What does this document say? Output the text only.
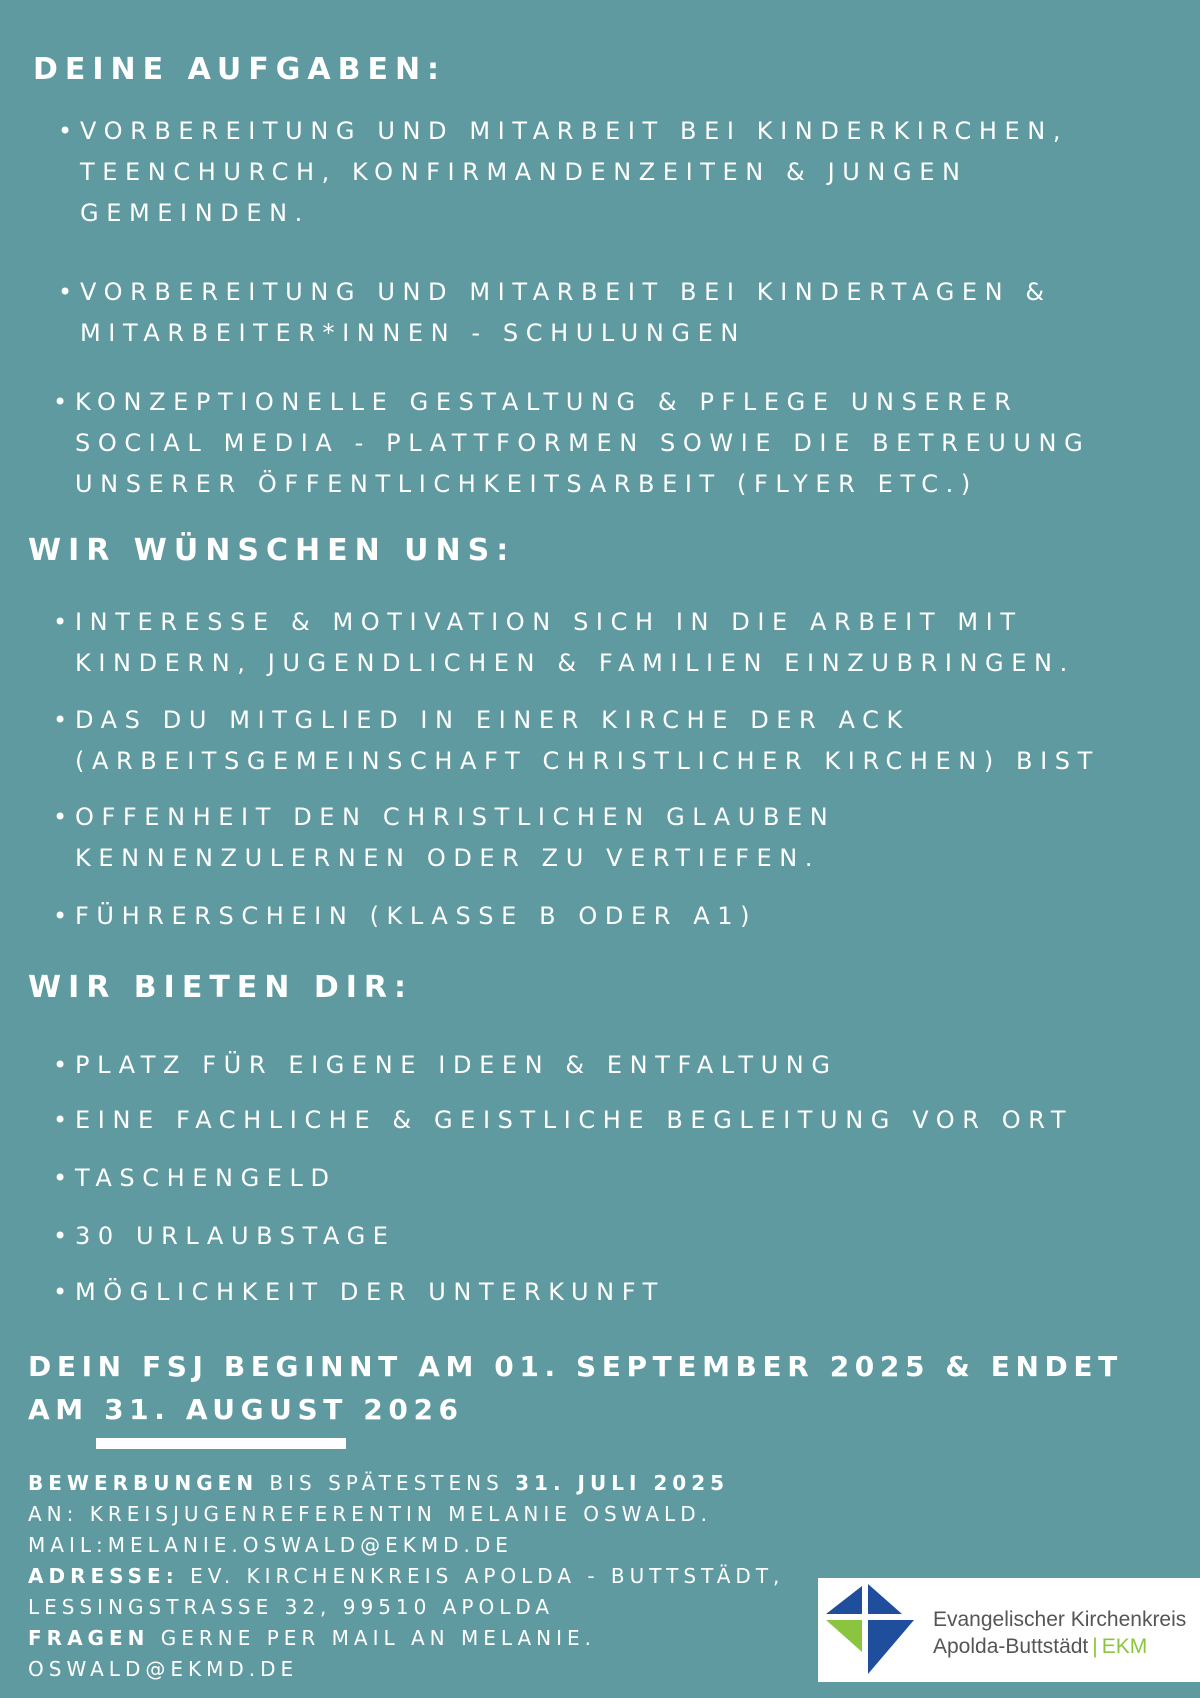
DEINE AUFGABEN:
• VORBEREITUNG UND MITARBEIT BEI KINDERKIRCHEN,
TEENCHURCH, KONFIRMANDENZEITEN & JUNGEN
GEMEINDEN.
• VORBEREITUNG UND MITARBEIT BEI KINDERTAGEN &
MITARBEITER*INNEN - SCHULUNGEN
• KONZEPTIONELLE GESTALTUNG & PFLEGE UNSERER
SOCIAL MEDIA - PLATTFORMEN SOWIE DIE BETREUUNG
UNSERER ÖFFENTLICHKEITSARBEIT (FLYER ETC.)
WIR WÜNSCHEN UNS:
• INTERESSE & MOTIVATION SICH IN DIE ARBEIT MIT
KINDERN, JUGENDLICHEN & FAMILIEN EINZUBRINGEN.
• DAS DU MITGLIED IN EINER KIRCHE DER ACK
(ARBEITSGEMEINSCHAFT CHRISTLICHER KIRCHEN) BIST
• OFFENHEIT DEN CHRISTLICHEN GLAUBEN
KENNENZULERNEN ODER ZU VERTIEFEN.
• FÜHRERSCHEIN (KLASSE B ODER A1)
WIR BIETEN DIR:
• PLATZ FÜR EIGENE IDEEN & ENTFALTUNG
• EINE FACHLICHE & GEISTLICHE BEGLEITUNG VOR ORT
• TASCHENGELD
• 30 URLAUBSTAGE
• MÖGLICHKEIT DER UNTERKUNFT
DEIN FSJ BEGINNT AM 01. SEPTEMBER 2025 & ENDET AM 31. AUGUST 2026
BEWERBUNGEN BIS SPÄTESTENS 31. JULI 2025
AN: KREISJUGENREFERENTIN MELANIE OSWALD.
MAIL:MELANIE.OSWALD@EKMD.DE
ADRESSE: EV. KIRCHENKREIS APOLDA - BUTTSTÄDT,
LESSINGSTRASSE 32, 99510 APOLDA
FRAGEN GERNE PER MAIL AN MELANIE.
OSWALD@EKMD.DE
Evangelischer Kirchenkreis
Apolda-Buttstädt | EKM
